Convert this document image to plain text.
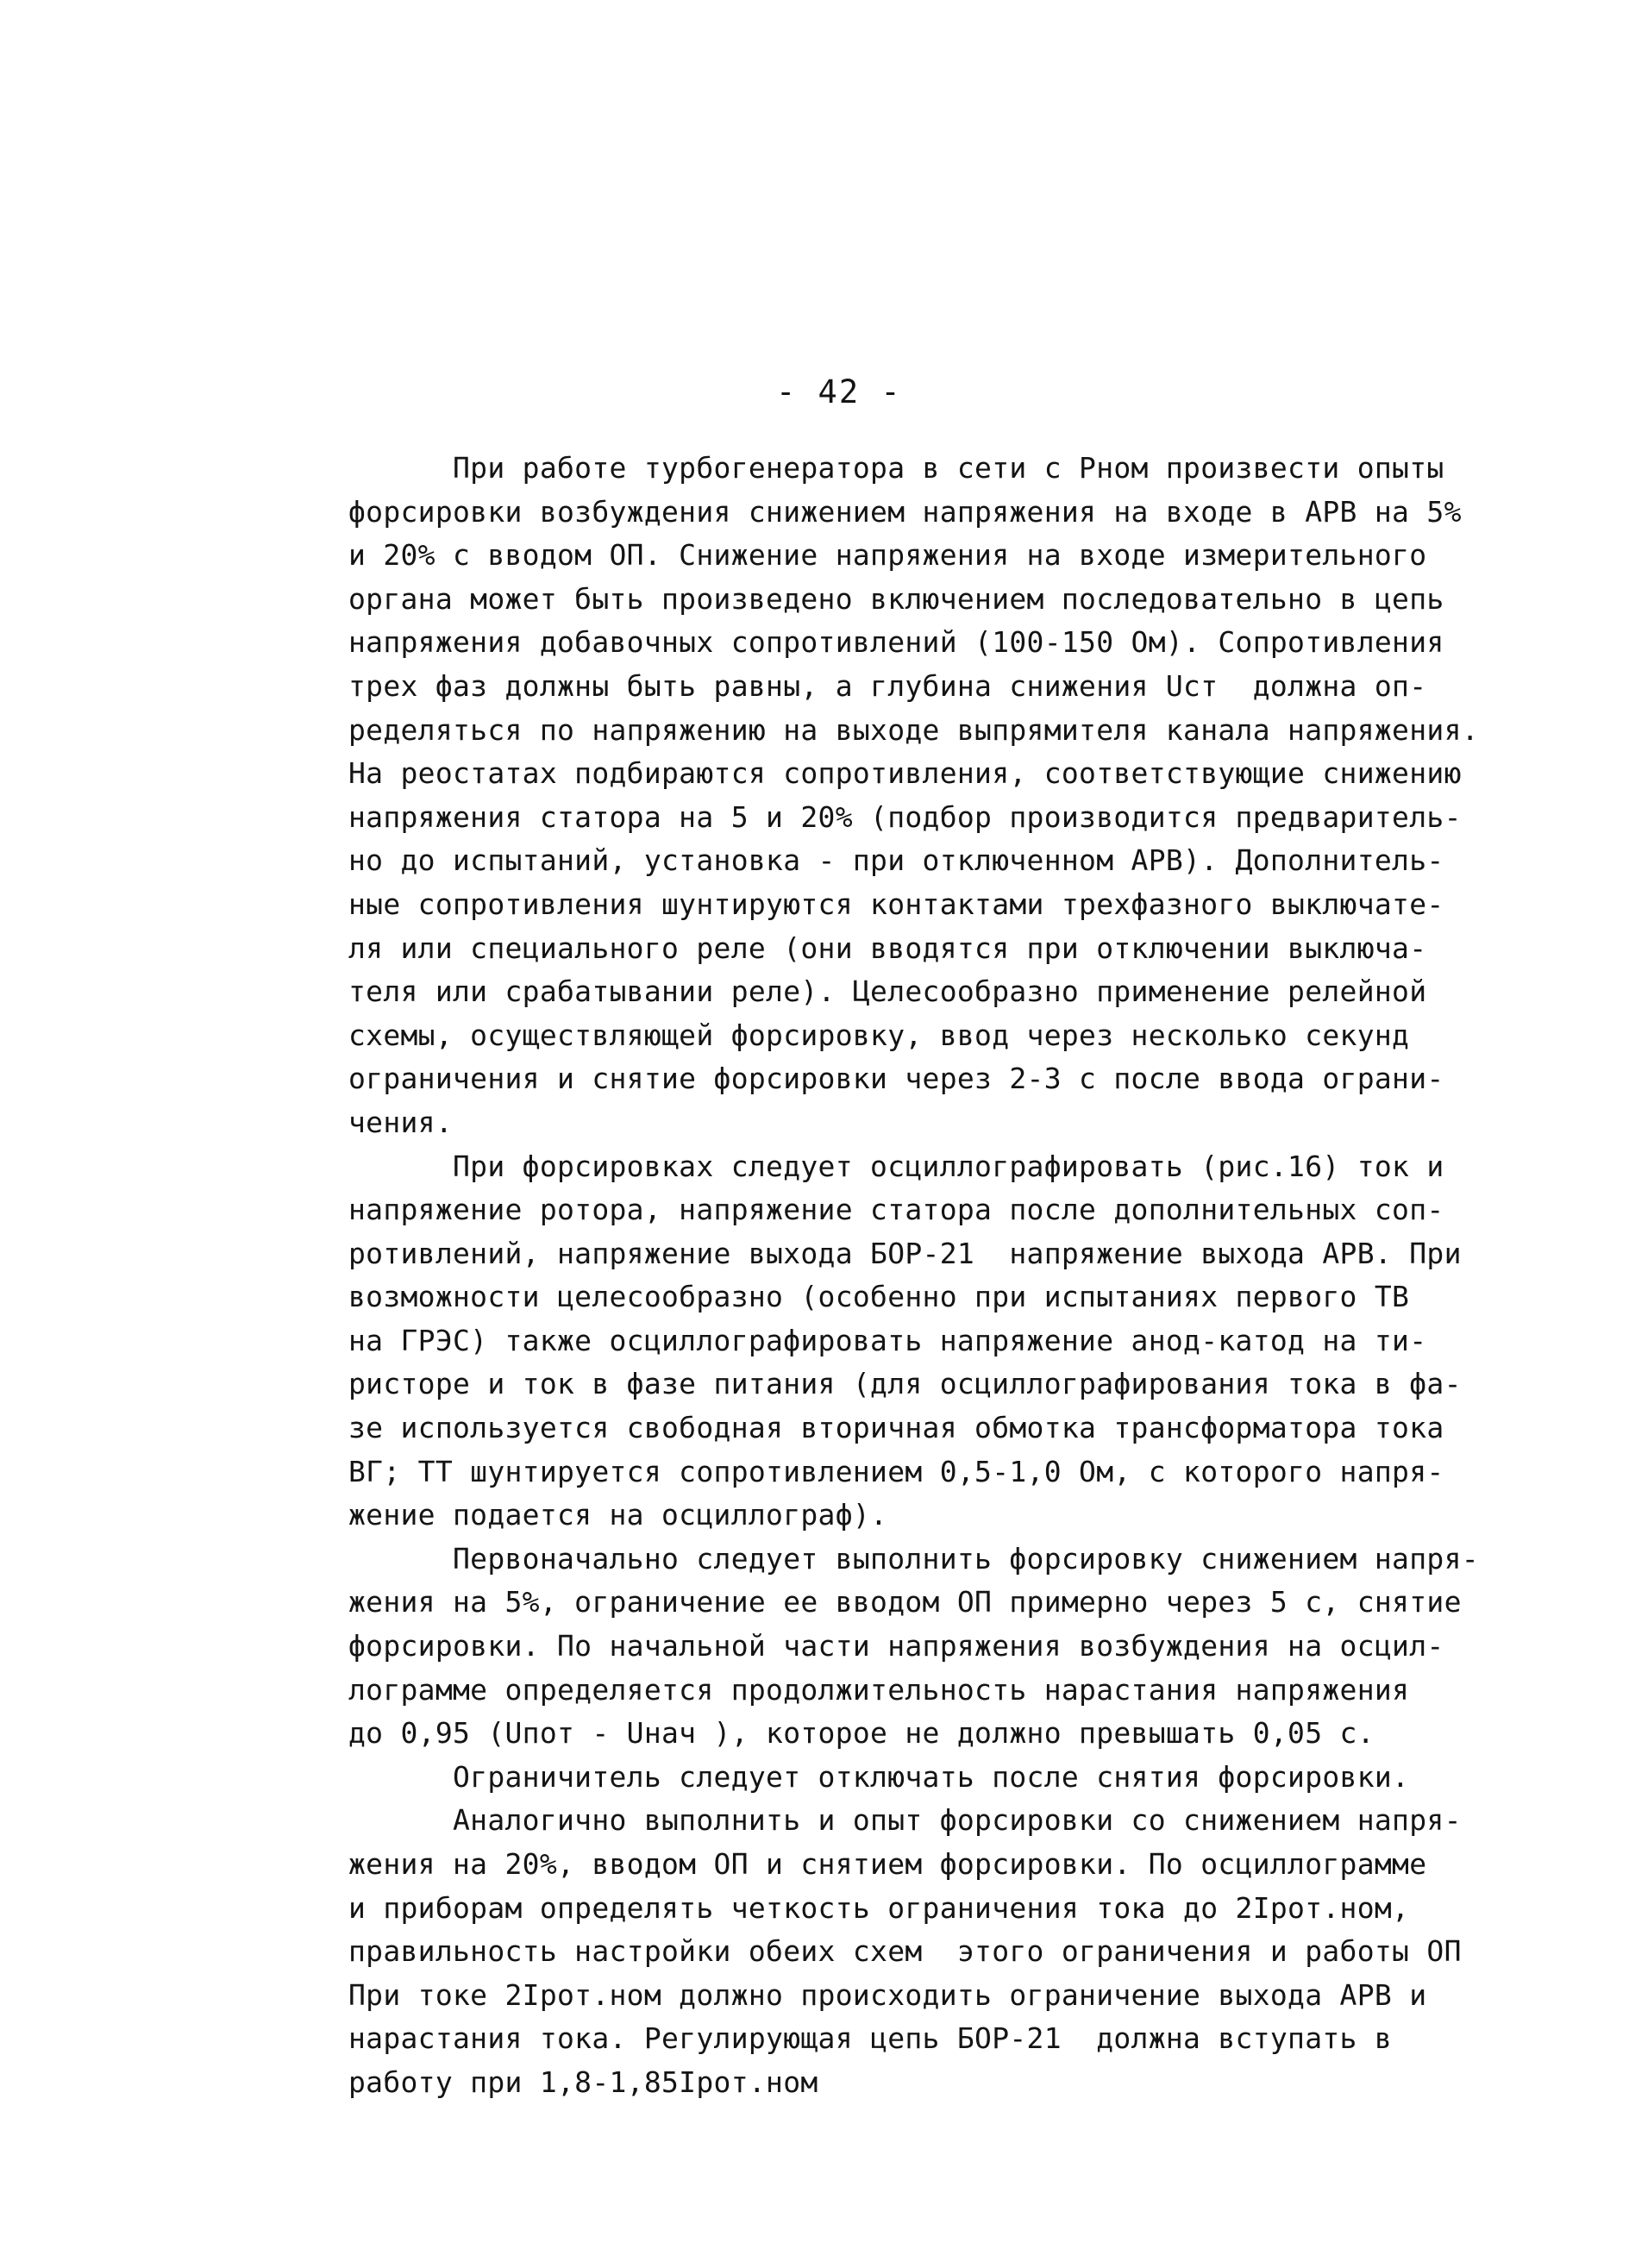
- 42 -
При работе турбогенератора в сети с Pном произвести опыты
форсировки возбуждения снижением напряжения на входе в АРВ на 5%
и 20% с вводом ОП. Снижение напряжения на входе измерительного
органа может быть произведено включением последовательно в цепь
напряжения добавочных сопротивлений (100-150 Ом). Сопротивления
трех фаз должны быть равны, а глубина снижения Uст  должна оп-
ределяться по напряжению на выходе выпрямителя канала напряжения.
На реостатах подбираются сопротивления, соответствующие снижению
напряжения статора на 5 и 20% (подбор производится предваритель-
но до испытаний, установка - при отключенном АРВ). Дополнитель-
ные сопротивления шунтируются контактами трехфазного выключате-
ля или специального реле (они вводятся при отключении выключа-
теля или срабатывании реле). Целесообразно применение релейной
схемы, осуществляющей форсировку, ввод через несколько секунд
ограничения и снятие форсировки через 2-3 с после ввода ограни-
чения.
При форсировках следует осциллографировать (рис.16) ток и
напряжение ротора, напряжение статора после дополнительных соп-
ротивлений, напряжение выхода БОР-21  напряжение выхода АРВ. При
возможности целесообразно (особенно при испытаниях первого ТВ
на ГРЭС) также осциллографировать напряжение анод-катод на ти-
ристоре и ток в фазе питания (для осциллографирования тока в фа-
зе используется свободная вторичная обмотка трансформатора тока
ВГ; ТТ шунтируется сопротивлением 0,5-1,0 Ом, с которого напря-
жение подается на осциллограф).
Первоначально следует выполнить форсировку снижением напря-
жения на 5%, ограничение ее вводом ОП примерно через 5 с, снятие
форсировки. По начальной части напряжения возбуждения на осцил-
лограмме определяется продолжительность нарастания напряжения
до 0,95 (Uпот - Uнач ), которое не должно превышать 0,05 с.
Ограничитель следует отключать после снятия форсировки.
Аналогично выполнить и опыт форсировки со снижением напря-
жения на 20%, вводом ОП и снятием форсировки. По осциллограмме
и приборам определять четкость ограничения тока до 2Iрот.ном,
правильность настройки обеих схем  этого ограничения и работы ОП
При токе 2Iрот.ном должно происходить ограничение выхода АРВ и
нарастания тока. Регулирующая цепь БОР-21  должна вступать в
работу при 1,8-1,85Iрот.ном
